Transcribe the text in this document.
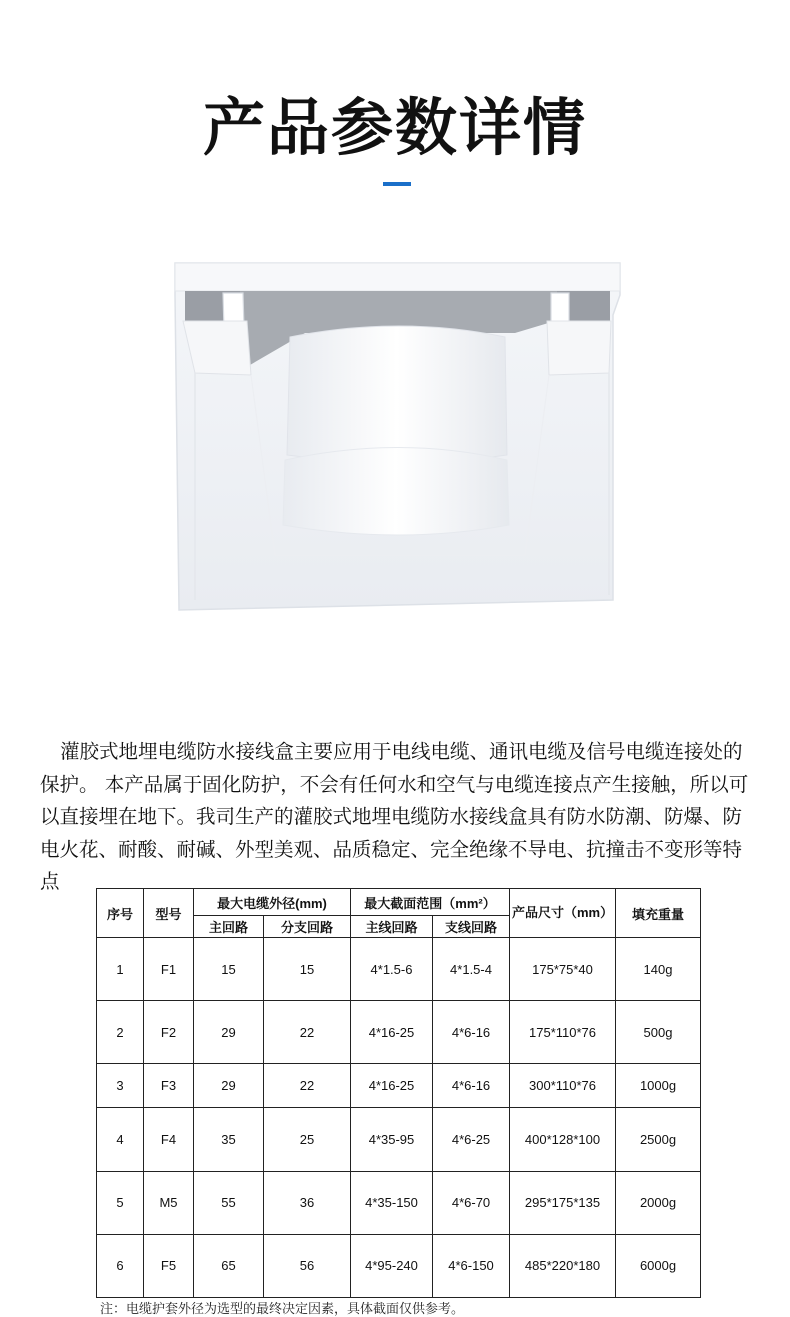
产品参数详情

灌胶式地埋电缆防水接线盒主要应用于电线电缆、通讯电缆及信号电缆连接处的保护。 本产品属于固化防护，不会有任何水和空气与电缆连接点产生接触，所以可以直接埋在地下。我司生产的灌胶式地埋电缆防水接线盒具有防水防潮、防爆、防电火花、耐酸、耐碱、外型美观、品质稳定、完全绝缘不导电、抗撞击不变形等特点

序号	型号	最大电缆外径(mm)		最大截面范围（mm²）		产品尺寸（mm）	填充重量
		主回路	分支回路	主线回路	支线回路		
1	F1	15	15	4*1.5-6	4*1.5-4	175*75*40	140g
2	F2	29	22	4*16-25	4*6-16	175*110*76	500g
3	F3	29	22	4*16-25	4*6-16	300*110*76	1000g
4	F4	35	25	4*35-95	4*6-25	400*128*100	2500g
5	M5	55	36	4*35-150	4*6-70	295*175*135	2000g
6	F5	65	56	4*95-240	4*6-150	485*220*180	6000g
注：电缆护套外径为选型的最终决定因素，具体截面仅供参考。
